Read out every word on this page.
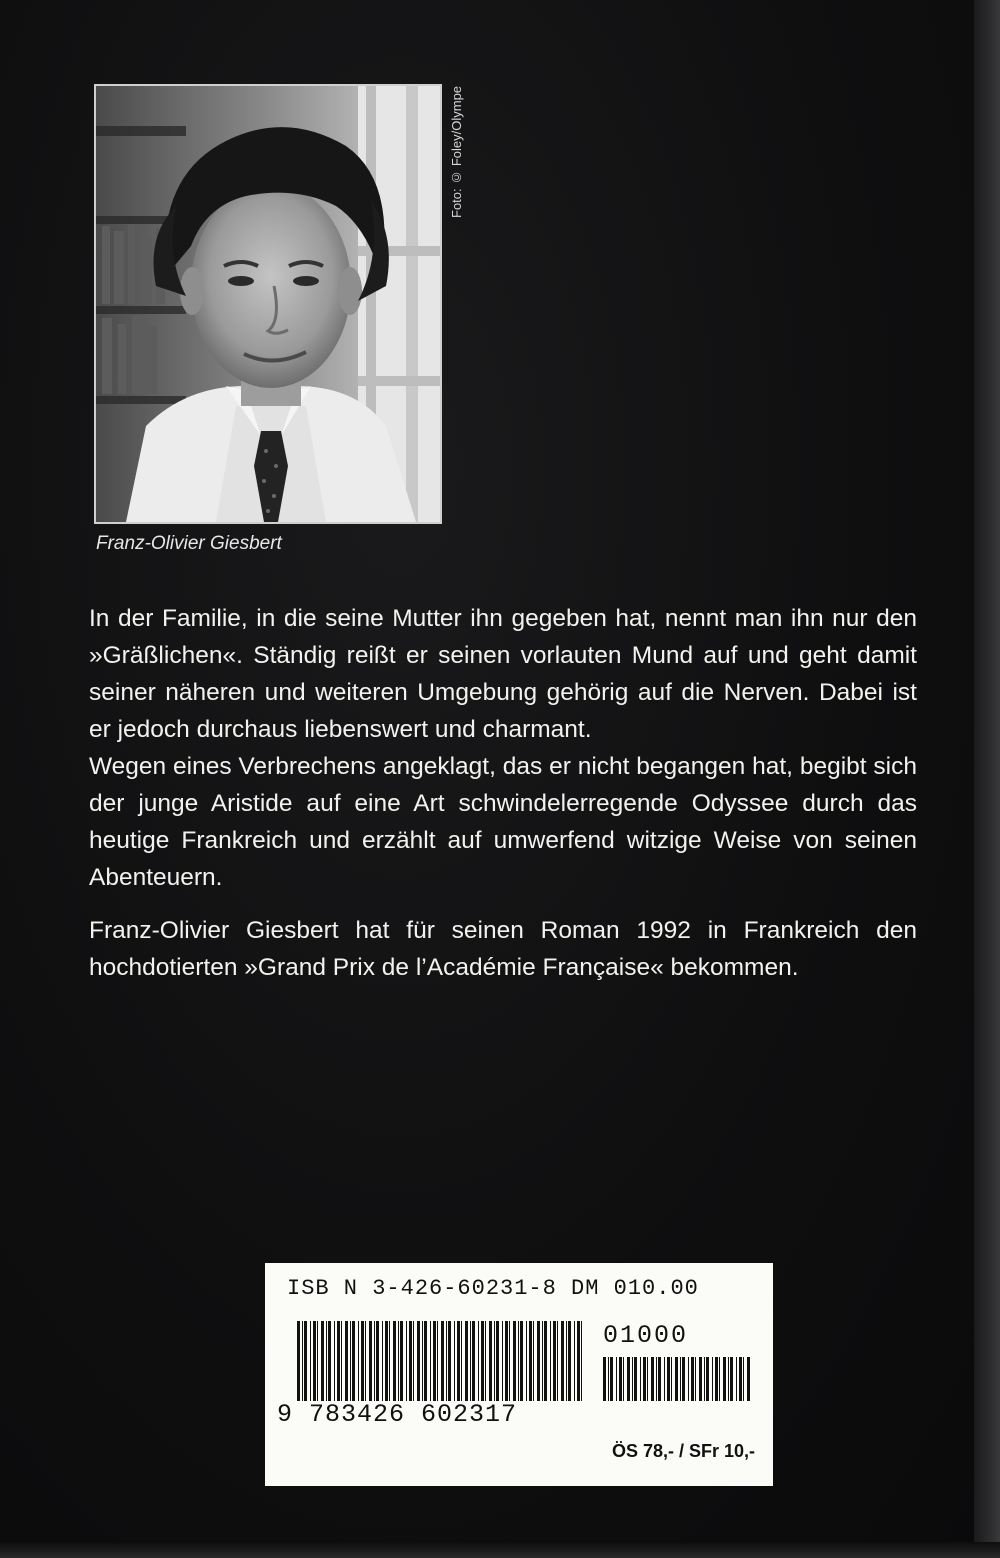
Foto: © Foley/Olympe
Franz-Olivier Giesbert

In der Familie, in die seine Mutter ihn gegeben hat, nennt man ihn nur den »Gräßlichen«. Ständig reißt er seinen vorlauten Mund auf und geht damit seiner näheren und weiteren Umgebung gehörig auf die Nerven. Dabei ist er jedoch durchaus liebenswert und charmant.

Wegen eines Verbrechens angeklagt, das er nicht begangen hat, begibt sich der junge Aristide auf eine Art schwindelerregende Odyssee durch das heutige Frankreich und erzählt auf umwerfend witzige Weise von seinen Abenteuern.

Franz-Olivier Giesbert hat für seinen Roman 1992 in Frankreich den hochdotierten »Grand Prix de l’Académie Française« bekommen.

ISB N 3-426-60231-8 DM 010.00
01000
9 783426 602317
ÖS 78,- / SFr 10,-
